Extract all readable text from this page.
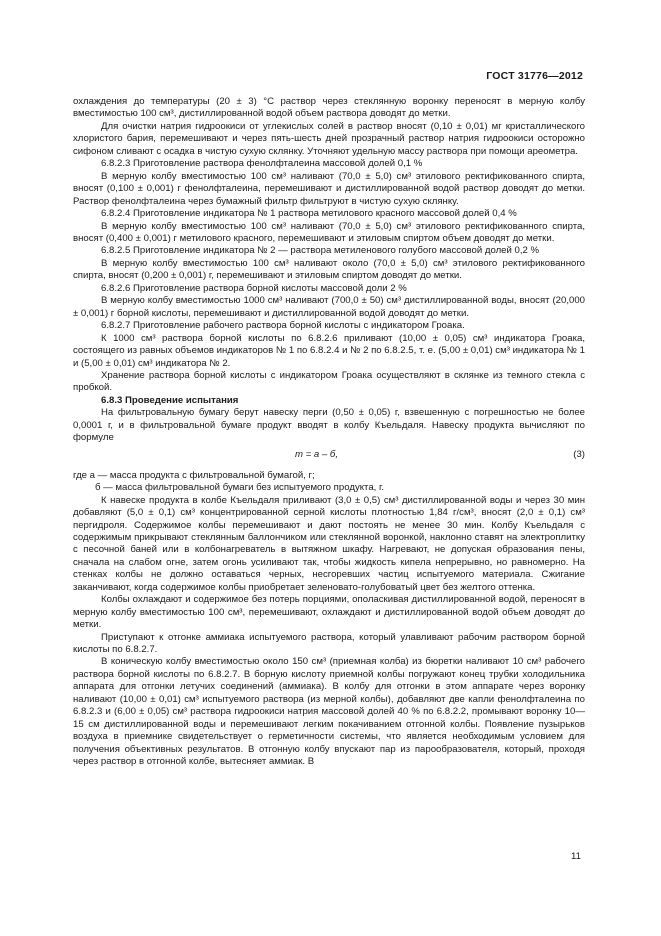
ГОСТ 31776—2012

охлаждения до температуры (20 ± 3) °С раствор через стеклянную воронку переносят в мерную колбу вместимостью 100 см³, дистиллированной водой объем раствора доводят до метки.

Для очистки натрия гидроокиси от углекислых солей в раствор вносят (0,10 ± 0,01) мг кристаллического хлористого бария, перемешивают и через пять-шесть дней прозрачный раствор натрия гидроокиси осторожно сифоном сливают с осадка в чистую сухую склянку. Уточняют удельную массу раствора при помощи ареометра.

6.8.2.3 Приготовление раствора фенолфталеина массовой долей 0,1 %

В мерную колбу вместимостью 100 см³ наливают (70,0 ± 5,0) см³ этилового ректификованного спирта, вносят (0,100 ± 0,001) г фенолфталеина, перемешивают и дистиллированной водой раствор доводят до метки. Раствор фенолфталеина через бумажный фильтр фильтруют в чистую сухую склянку.

6.8.2.4 Приготовление индикатора № 1 раствора метилового красного массовой долей 0,4 %

В мерную колбу вместимостью 100 см³ наливают (70,0 ± 5,0) см³ этилового ректификованного спирта, вносят (0,400 ± 0,001) г метилового красного, перемешивают и этиловым спиртом объем доводят до метки.

6.8.2.5 Приготовление индикатора № 2 — раствора метиленового голубого массовой долей 0,2 %

В мерную колбу вместимостью 100 см³ наливают около (70,0 ± 5,0) см³ этилового ректификованного спирта, вносят (0,200 ± 0,001) г, перемешивают и этиловым спиртом доводят до метки.

6.8.2.6 Приготовление раствора борной кислоты массовой доли 2 %

В мерную колбу вместимостью 1000 см³ наливают (700,0 ± 50) см³ дистиллированной воды, вносят (20,000 ± 0,001) г борной кислоты, перемешивают и дистиллированной водой доводят до метки.

6.8.2.7 Приготовление рабочего раствора борной кислоты с индикатором Гроака.

К 1000 см³ раствора борной кислоты по 6.8.2.6 приливают (10,00 ± 0,05) см³ индикатора Гроака, состоящего из равных объемов индикаторов № 1 по 6.8.2.4 и № 2 по 6.8.2.5, т. е. (5,00 ± 0,01) см³ индикатора № 1 и (5,00 ± 0,01) см³ индикатора № 2.

Хранение раствора борной кислоты с индикатором Гроака осуществляют в склянке из темного стекла с пробкой.

6.8.3 Проведение испытания

На фильтровальную бумагу берут навеску перги (0,50 ± 0,05) г, взвешенную с погрешностью не более 0,0001 г, и в фильтровальной бумаге продукт вводят в колбу Къельдаля. Навеску продукта вычисляют по формуле

m = a – б,	(3)

где а — масса продукта с фильтровальной бумагой, г;

б — масса фильтровальной бумаги без испытуемого продукта, г.

К навеске продукта в колбе Къельдаля приливают (3,0 ± 0,5) см³ дистиллированной воды и через 30 мин добавляют (5,0 ± 0,1) см³ концентрированной серной кислоты плотностью 1,84 г/см³, вносят (2,0 ± 0,1) см³ пергидроля. Содержимое колбы перемешивают и дают постоять не менее 30 мин. Колбу Къельдаля с содержимым прикрывают стеклянным баллончиком или стеклянной воронкой, наклонно ставят на электроплитку с песочной баней или в колбонагреватель в вытяжном шкафу. Нагревают, не допуская образования пены, сначала на слабом огне, затем огонь усиливают так, чтобы жидкость кипела непрерывно, но равномерно. На стенках колбы не должно оставаться черных, несгоревших частиц испытуемого материала. Сжигание заканчивают, когда содержимое колбы приобретает зеленовато-голубоватый цвет без желтого оттенка.

Колбы охлаждают и содержимое без потерь порциями, ополаскивая дистиллированной водой, переносят в мерную колбу вместимостью 100 см³, перемешивают, охлаждают и дистиллированной водой объем доводят до метки.

Приступают к отгонке аммиака испытуемого раствора, который улавливают рабочим раствором борной кислоты по 6.8.2.7.

В коническую колбу вместимостью около 150 см³ (приемная колба) из бюретки наливают 10 см³ рабочего раствора борной кислоты по 6.8.2.7. В борную кислоту приемной колбы погружают конец трубки холодильника аппарата для отгонки летучих соединений (аммиака). В колбу для отгонки в этом аппарате через воронку наливают (10,00 ± 0,01) см³ испытуемого раствора (из мерной колбы), добавляют две капли фенолфталеина по 6.8.2.3 и (6,00 ± 0,05) см³ раствора гидроокиси натрия массовой долей 40 % по 6.8.2.2, промывают воронку 10—15 см дистиллированной воды и перемешивают легким покачиванием отгонной колбы. Появление пузырьков воздуха в приемнике свидетельствует о герметичности системы, что является необходимым условием для получения объективных результатов. В отгонную колбу впускают пар из парообразователя, который, проходя через раствор в отгонной колбе, вытесняет аммиак. В

11
